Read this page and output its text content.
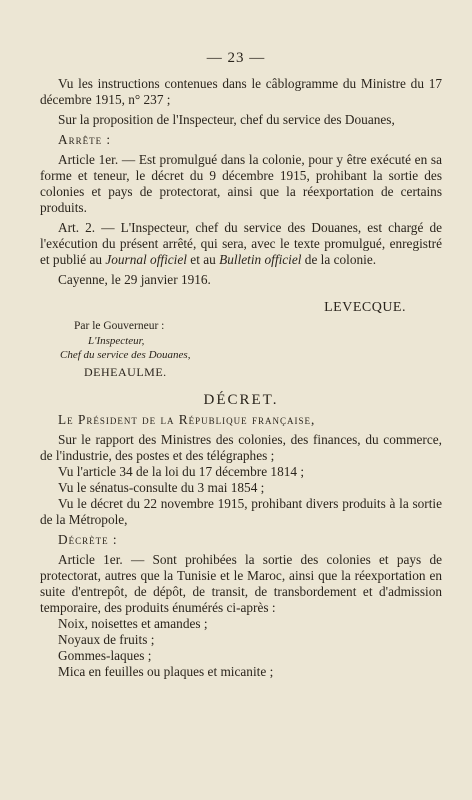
— 23 —

Vu les instructions contenues dans le câblogramme du Ministre du 17 décembre 1915, n° 237 ;

Sur la proposition de l'Inspecteur, chef du service des Douanes,

Arrête :

Article 1er. — Est promulgué dans la colonie, pour y être exécuté en sa forme et teneur, le décret du 9 décembre 1915, prohibant la sortie des colonies et pays de protectorat, ainsi que la réexportation de certains produits.

Art. 2. — L'Inspecteur, chef du service des Douanes, est chargé de l'exécution du présent arrêté, qui sera, avec le texte promulgué, enregistré et publié au Journal officiel et au Bulletin officiel de la colonie.

Cayenne, le 29 janvier 1916.

LEVECQUE.
Par le Gouverneur :
L'Inspecteur,
Chef du service des Douanes,
DEHEAULME.
DÉCRET.

Le Président de la République française,

Sur le rapport des Ministres des colonies, des finances, du commerce, de l'industrie, des postes et des télégraphes ;

Vu l'article 34 de la loi du 17 décembre 1814 ;

Vu le sénatus-consulte du 3 mai 1854 ;

Vu le décret du 22 novembre 1915, prohibant divers produits à la sortie de la Métropole,

Décrète :

Article 1er. — Sont prohibées la sortie des colonies et pays de protectorat, autres que la Tunisie et le Maroc, ainsi que la réexportation en suite d'entrepôt, de dépôt, de transit, de transbordement et d'admission temporaire, des produits énumérés ci-après :

Noix, noisettes et amandes ;

Noyaux de fruits ;

Gommes-laques ;

Mica en feuilles ou plaques et micanite ;
